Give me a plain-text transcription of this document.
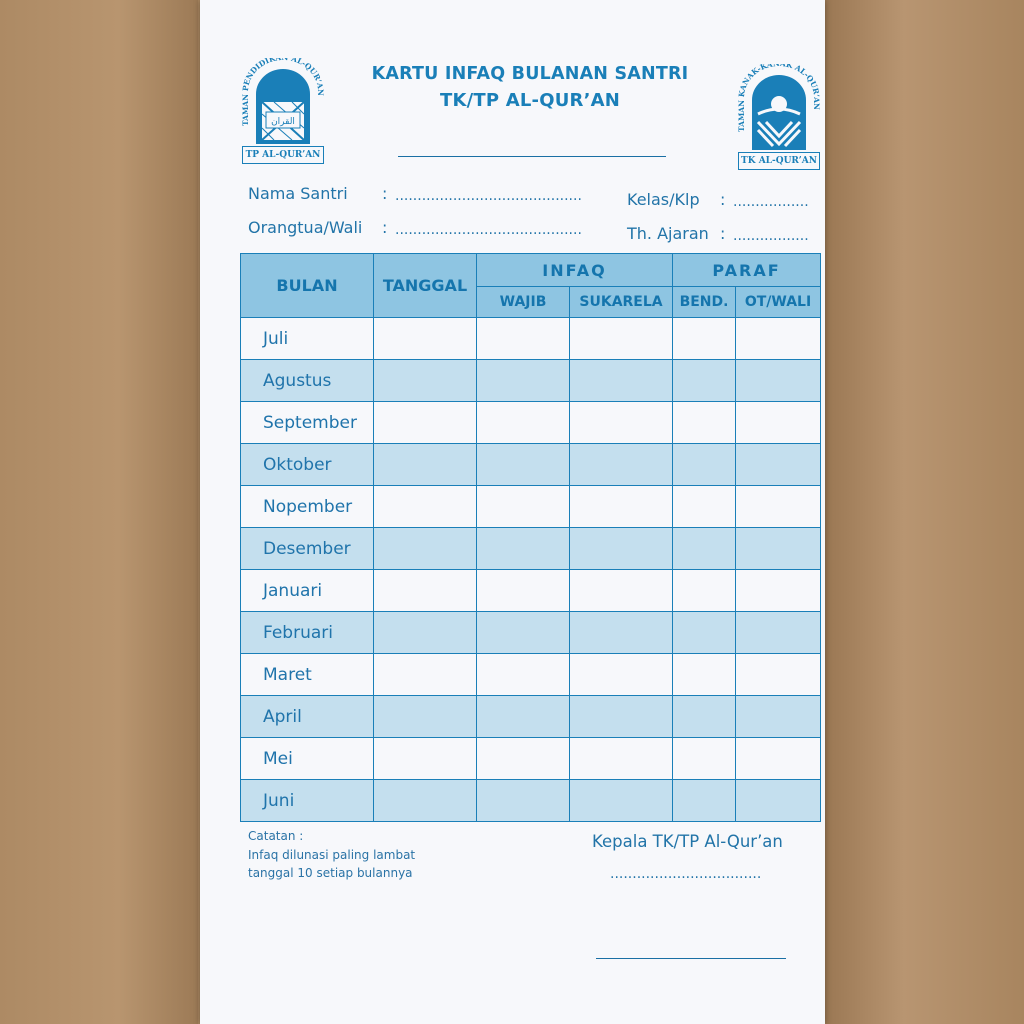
القران
TAMAN PENDIDIK AL-QUR’AN
TP AL-QUR’AN
TAMAN KANAK-KA K AL-QUR’AN
TK AL-QUR’AN
KARTU INFAQ BULANAN SANTRI
TK/TP AL-QUR’AN
Nama Santri : ..........................................
Orangtua/Wali : ..........................................
Kelas/Klp : .................
Th. Ajaran : .................
BULAN	TANGGAL	INFAQ		PARAF	
		WAJIB	SUKARELA	BEND.	OT/WALI
Juli					
Agustus					
September					
Oktober					
Nopember					
Desember					
Januari					
Februari					
Maret					
April					
Mei					
Juni					
Catatan :
Infaq dilunasi paling lambat
tanggal 10 setiap bulannya
Kepala TK/TP Al-Qur’an
..................................
